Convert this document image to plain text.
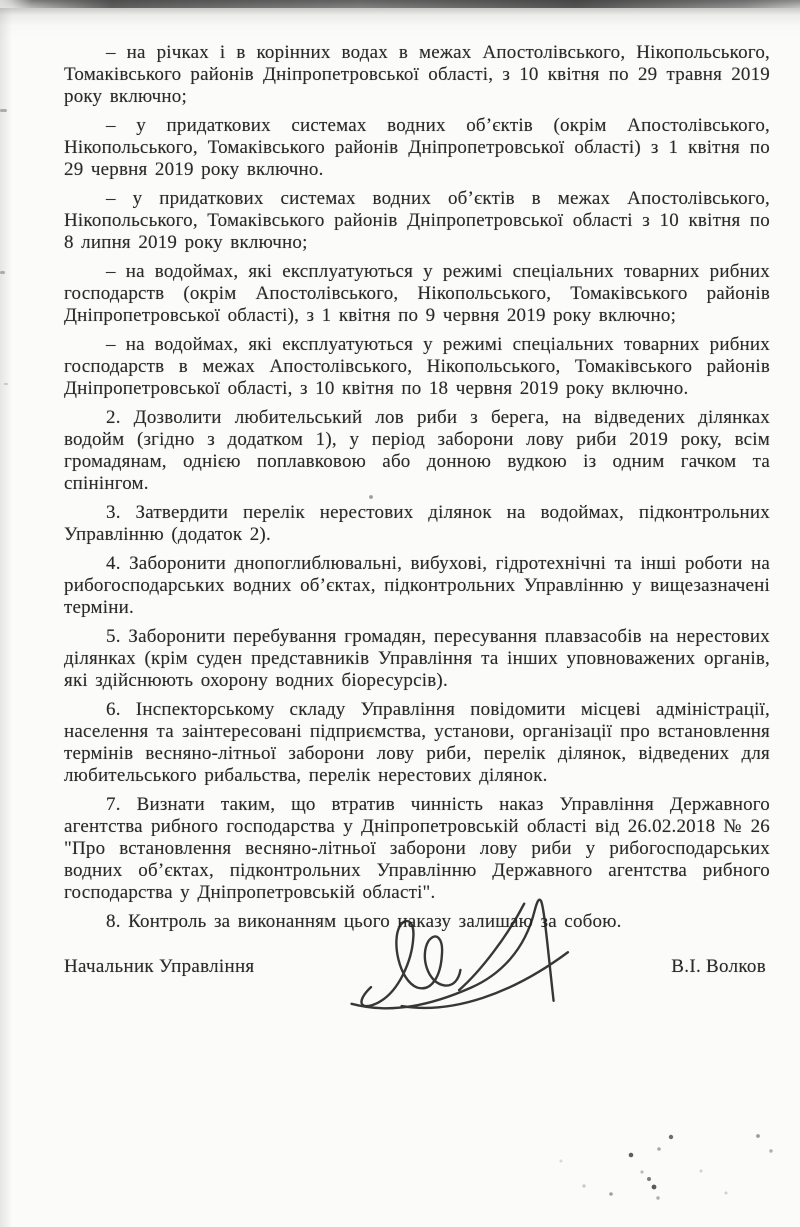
– на річках і в корінних водах в межах Апостолівського, Нікопольського, Томаківського районів Дніпропетровської області, з 10 квітня по 29 травня 2019 року включно;

– у придаткових системах водних об’єктів (окрім Апостолівського, Нікопольського, Томаківського районів Дніпропетровської області) з 1 квітня по 29 червня 2019 року включно.

– у придаткових системах водних об’єктів в межах Апостолівського, Нікопольського, Томаківського районів Дніпропетровської області з 10 квітня по 8 липня 2019 року включно;

– на водоймах, які експлуатуються у режимі спеціальних товарних рибних господарств (окрім Апостолівського, Нікопольського, Томаківського районів Дніпропетровської області), з 1 квітня по 9 червня 2019 року включно;

– на водоймах, які експлуатуються у режимі спеціальних товарних рибних господарств в межах Апостолівського, Нікопольського, Томаківського районів Дніпропетровської області, з 10 квітня по 18 червня 2019 року включно.

2. Дозволити любительський лов риби з берега, на відведених ділянках водойм (згідно з додатком 1), у період заборони лову риби 2019 року, всім громадянам, однією поплавковою або донною вудкою із одним гачком та спінінгом.

3. Затвердити перелік нерестових ділянок на водоймах, підконтрольних Управлінню (додаток 2).

4. Заборонити днопоглиблювальні, вибухові, гідротехнічні та інші роботи на рибогосподарських водних об’єктах, підконтрольних Управлінню у вищезазначені терміни.

5. Заборонити перебування громадян, пересування плавзасобів на нерестових ділянках (крім суден представників Управління та інших уповноважених органів, які здійснюють охорону водних біоресурсів).

6. Інспекторському складу Управління повідомити місцеві адміністрації, населення та заінтересовані підприємства, установи, організації про встановлення термінів весняно-літньої заборони лову риби, перелік ділянок, відведених для любительського рибальства, перелік нерестових ділянок.

7. Визнати таким, що втратив чинність наказ Управління Державного агентства рибного господарства у Дніпропетровській області від 26.02.2018 № 26 "Про встановлення весняно-літньої заборони лову риби у рибогосподарських водних об’єктах, підконтрольних Управлінню Державного агентства рибного господарства у Дніпропетровській області".

8. Контроль за виконанням цього наказу залишаю за собою.

Начальник Управління	В.І. Волков
